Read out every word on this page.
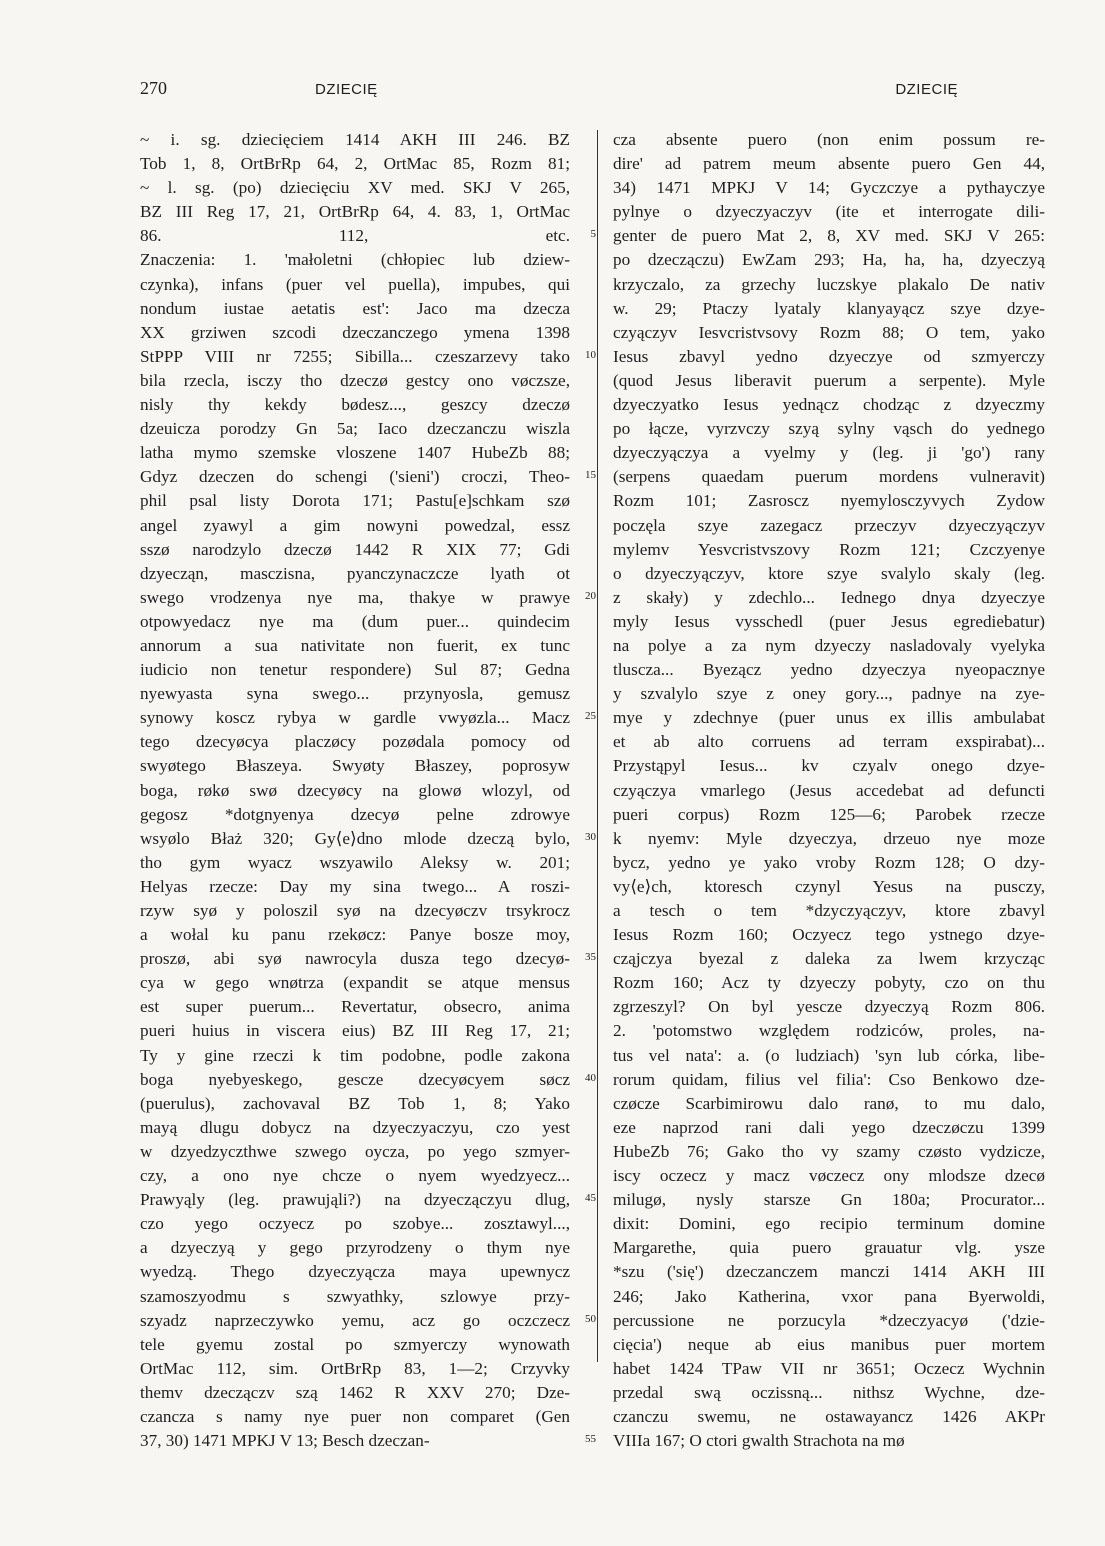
270	DZIECIĘ	DZIECIĘ
~ i. sg. dziecięciem 1414 AKH III 246. BZ
Tob 1, 8, OrtBrRp 64, 2, OrtMac 85, Rozm 81;
~ l. sg. (po) dziecięciu XV med. SKJ V 265,
BZ III Reg 17, 21, OrtBrRp 64, 4. 83, 1, OrtMac
86. 112, etc.
Znaczenia: 1. 'małoletni (chłopiec lub dziew-
czynka), infans (puer vel puella), impubes, qui
nondum iustae aetatis est': Jaco ma dzecza
XX grziwen szcodi dzeczanczego ymena 1398
StPPP VIII nr 7255; Sibilla... czeszarzevy tako
bila rzecla, isczy tho dzeczø gestcy ono vøczsze,
nisly thy kekdy bødesz..., geszcy dzeczø
dzeuicza porodzy Gn 5a; Iaco dzeczanczu wiszla
latha mymo szemske vloszene 1407 HubeZb 88;
Gdyz dzeczen do schengi ('sieni') croczi, Theo-
phil psal listy Dorota 171; Pastu[e]schkam szø
angel zyawyl a gim nowyni powedzal, essz
sszø narodzylo dzeczø 1442 R XIX 77; Gdi
dzyecząn, masczisna, pyanczynaczcze lyath ot
swego vrodzenya nye ma, thakye w prawye
otpowyedacz nye ma (dum puer... quindecim
annorum a sua nativitate non fuerit, ex tunc
iudicio non tenetur respondere) Sul 87; Gedna
nyewyasta syna swego... przynyosla, gemusz
synowy koscz rybya w gardle vwyøzla... Macz
tego dzecyøcya placzøcy pozødala pomocy od
swyøtego Błaszeya. Swyøty Błaszey, poprosyw
boga, røkø swø dzecyøcy na glowø wlozyl, od
gegosz *dotgnyenya dzecyø pelne zdrowye
wsyølo Błaż 320; Gy⟨e⟩dno mlode dzeczą bylo,
tho gym wyacz wszyawilo Aleksy w. 201;
Helyas rzecze: Day my sina twego... A roszi-
rzyw syø y poloszil syø na dzecyøczv trsykrocz
a wołal ku panu rzekøcz: Panye bosze moy,
proszø, abi syø nawrocyla dusza tego dzecyø-
cya w gego wnøtrza (expandit se atque mensus
est super puerum... Revertatur, obsecro, anima
pueri huius in viscera eius) BZ III Reg 17, 21;
Ty y gine rzeczi k tim podobne, podle zakona
boga nyebyeskego, gescze dzecyøcyem søcz
(puerulus), zachovaval BZ Tob 1, 8; Yako
mayą dlugu dobycz na dzyeczyaczyu, czo yest
w dzyedzyczthwe szwego oycza, po yego szmyer-
czy, a ono nye chcze o nyem wyedzyecz...
Prawyąly (leg. prawująli?) na dzyeczączyu dlug,
czo yego oczyecz po szobye... zosztawyl...,
a dzyeczyą y gego przyrodzeny o thym nye
wyedzą. Thego dzyeczyącza maya upewnycz
szamoszyodmu s szwyathky, szlowye przy-
szyadz naprzeczywko yemu, acz go oczczecz
tele gyemu zostal po szmyerczy wynowath
OrtMac 112, sim. OrtBrRp 83, 1—2; Crzyvky
themv dzeczączv szą 1462 R XXV 270; Dze-
czancza s namy nye puer non comparet (Gen
37, 30) 1471 MPKJ V 13; Besch dzeczan-
5
10
15
20
25
30
35
40
45
50
55
cza absente puero (non enim possum re-
dire' ad patrem meum absente puero Gen 44,
34) 1471 MPKJ V 14; Gyczczye a pythayczye
pylnye o dzyeczyaczyv (ite et interrogate dili-
genter de puero Mat 2, 8, XV med. SKJ V 265:
po dzeczączu) EwZam 293; Ha, ha, ha, dzyeczyą
krzyczalo, za grzechy luczskye plakalo De nativ
w. 29; Ptaczy lyataly klanyayącz szye dzye-
czyączyv Iesvcristvsovy Rozm 88; O tem, yako
Iesus zbavyl yedno dzyeczye od szmyerczy
(quod Jesus liberavit puerum a serpente). Myle
dzyeczyatko Iesus yednącz chodząc z dzyeczmy
po łącze, vyrzvczy szyą sylny vąsch do yednego
dzyeczyączyа a vyelmy y (leg. ji 'go') rany
(serpens quaedam puerum mordens vulneravit)
Rozm 101; Zasroscz nyemylosczyvych Zydow
poczęla szye zazegacz przeczyv dzyeczyączyv
mylemv Yesvcristvszovy Rozm 121; Czczyenye
o dzyeczyączyv, ktore szye svalylo skaly (leg.
z skały) y zdechlo... Iednego dnya dzyeczye
myly Iesus vysschedl (puer Jesus egrediebatur)
na polye a za nym dzyeczy nasladovaly vyelyka
tluscza... Byezącz yedno dzyeczya nyeopacznye
y szvalylo szye z oney gory..., padnye na zye-
mye y zdechnye (puer unus ex illis ambulabat
et ab alto corruens ad terram exspirabat)...
Przystąpyl Iesus... kv czyalv onego dzye-
czyączya vmarlego (Jesus accedebat ad defuncti
pueri corpus) Rozm 125—6; Parobek rzecze
k nyemv: Myle dzyeczya, drzeuo nye moze
bycz, yedno ye yako vroby Rozm 128; O dzy-
vy⟨e⟩ch, ktoresch czynyl Yesus na pusczy,
a tesch o tem *dzyczyączyv, ktore zbavyl
Iesus Rozm 160; Oczyecz tego ystnego dzye-
cząjczya byezal z daleka za lwem krzycząc
Rozm 160; Acz ty dzyeczy pobyty, czo on thu
zgrzeszyl? On byl yescze dzyeczyą Rozm 806.
2. 'potomstwo względem rodziców, proles, na-
tus vel nata': a. (o ludziach) 'syn lub córka, libe-
rorum quidam, filius vel filia': Cso Benkowo dze-
czøcze Scarbimirowu dalo ranø, to mu dalo,
eze naprzod rani dali yego dzeczøczu 1399
HubeZb 76; Gako tho vy szamy czøsto vydzicze,
iscy oczecz y macz vøczecz ony mlodsze dzecø
milugø, nysly starsze Gn 180a; Procurator...
dixit: Domini, ego recipio terminum domine
Margarethe, quia puero grauatur vlg. ysze
*szu ('się') dzeczanczem manczi 1414 AKH III
246; Jako Katherina, vxor pana Byerwoldi,
percussione ne porzucyla *dzeczyacyø ('dzie-
cięcia') neque ab eius manibus puer mortem
habet 1424 TPaw VII nr 3651; Oczecz Wychnin
przedal swą oczissną... nithsz Wychne, dze-
czanczu swemu, ne ostawayancz 1426 AKPr
VIIIa 167; O ctori gwalth Strachota na mø
